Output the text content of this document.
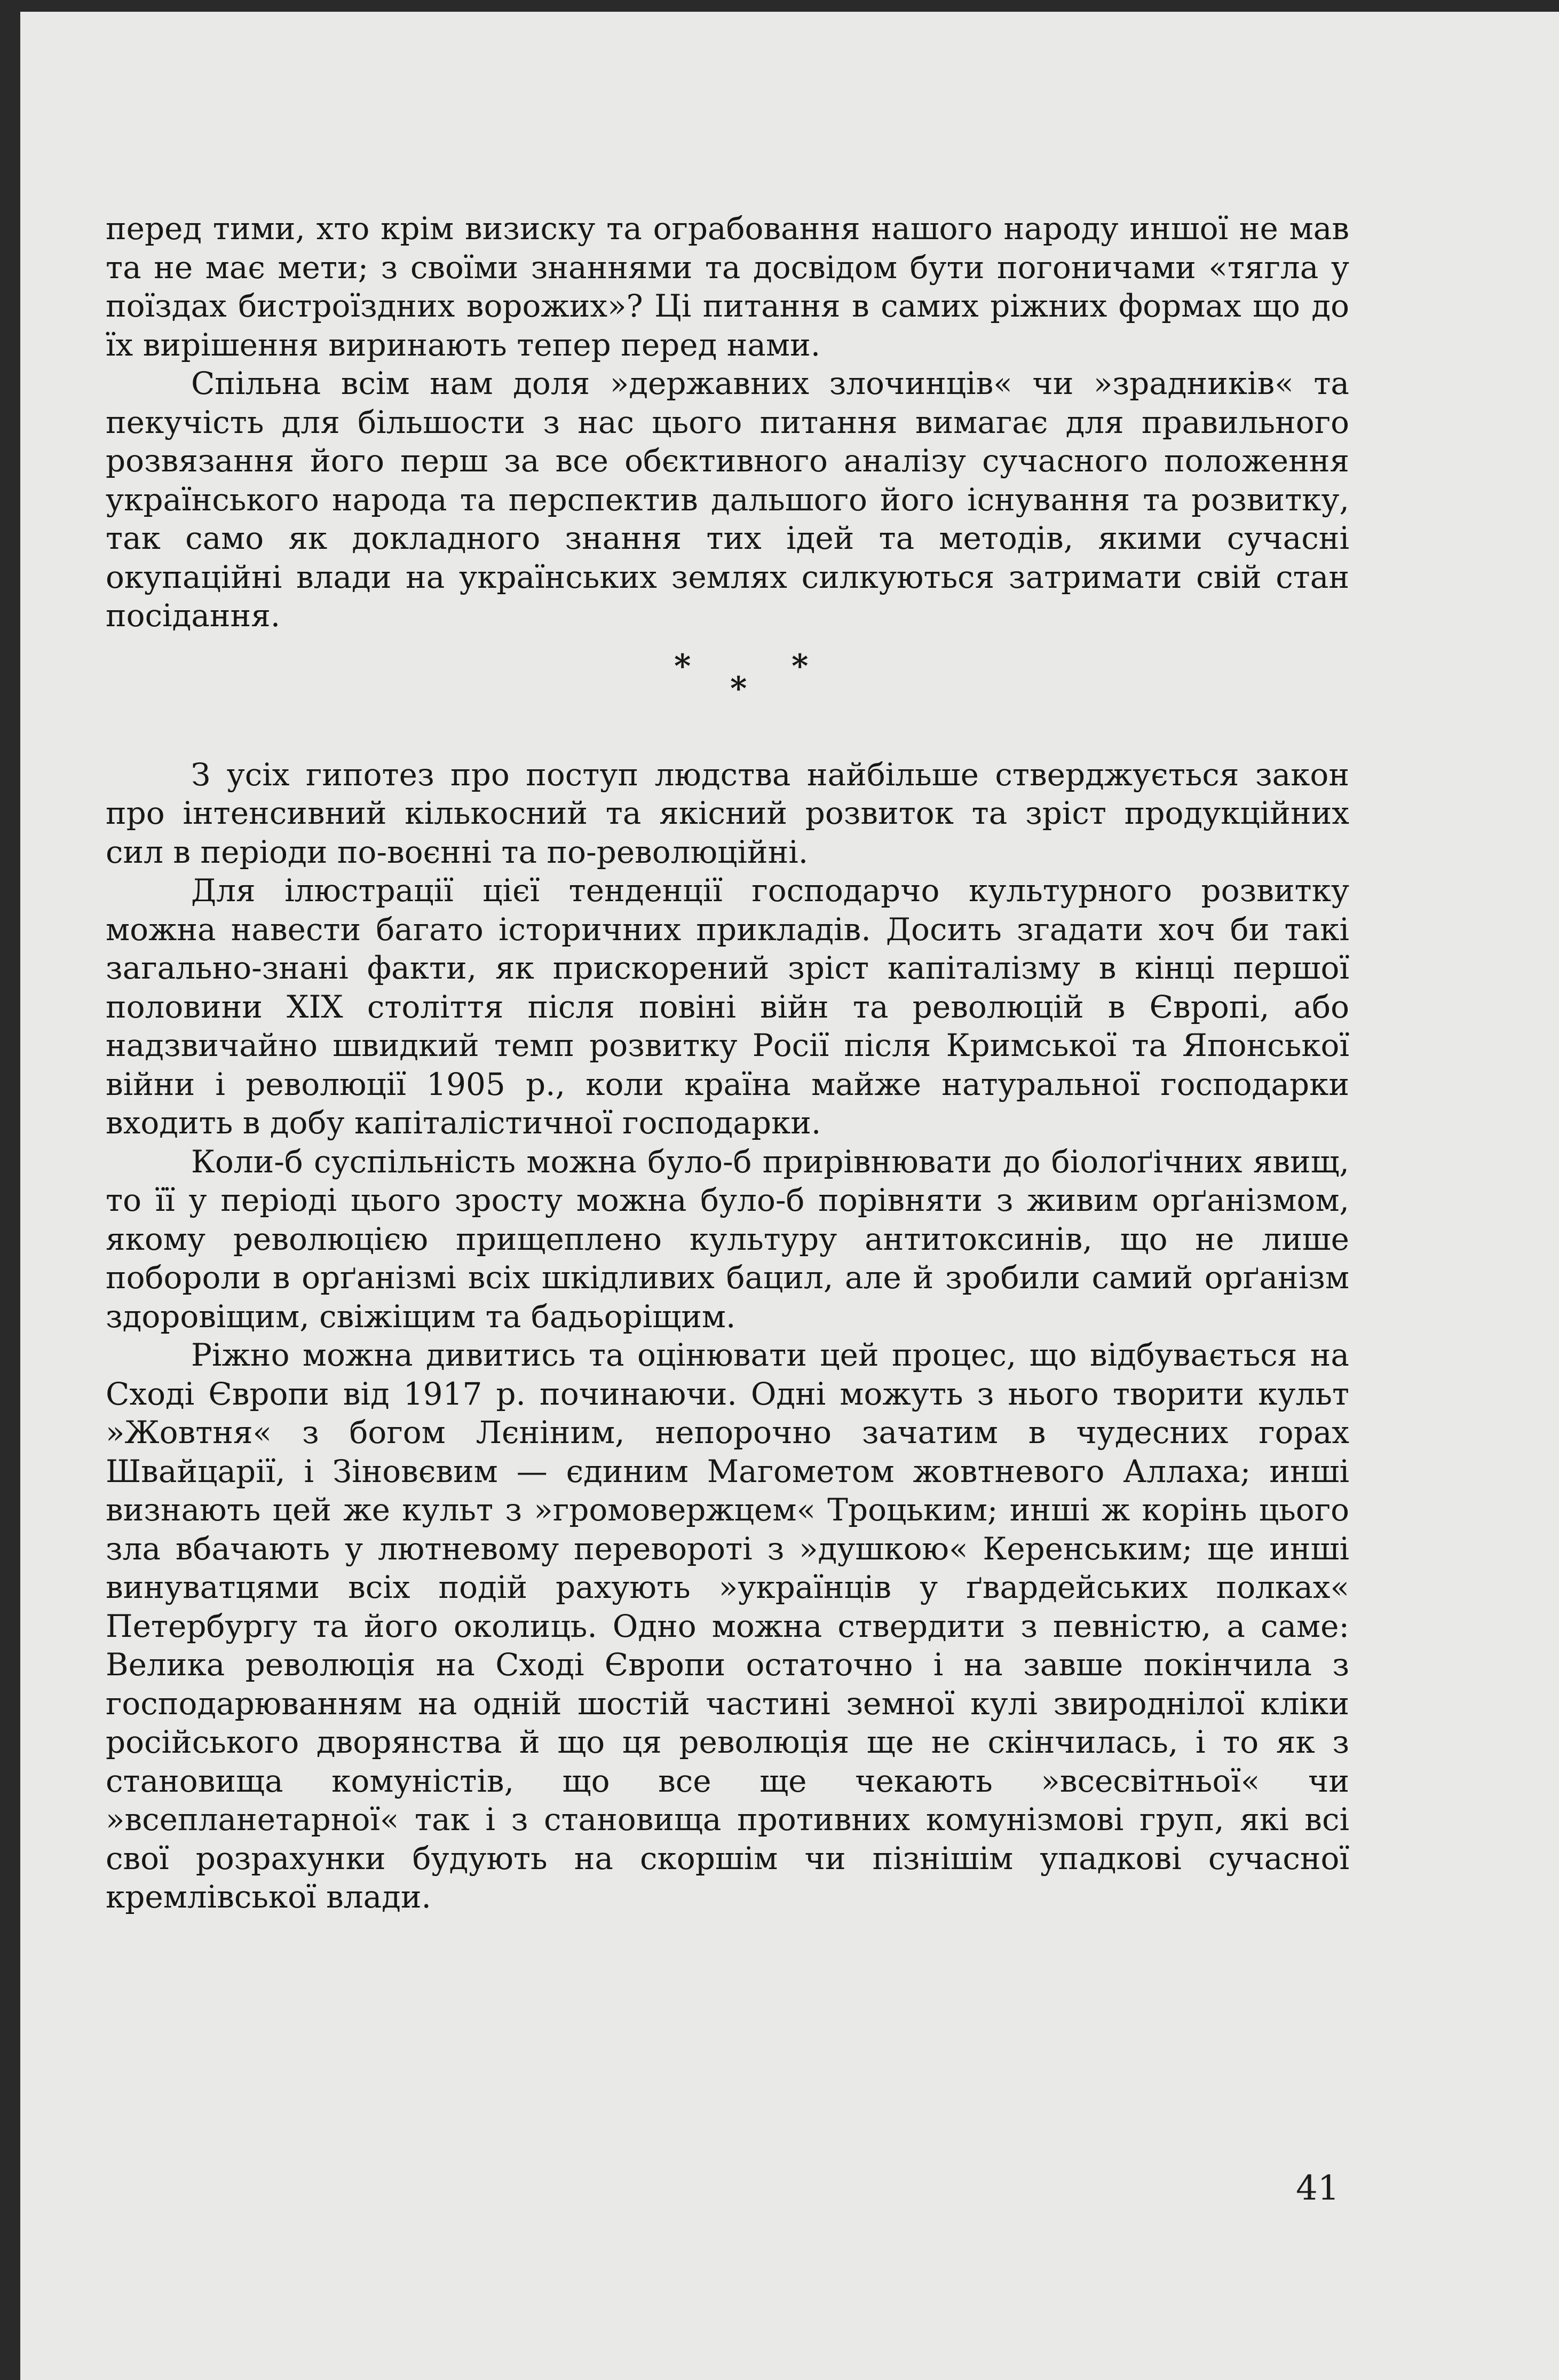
перед тими, хто крім визиску та ограбовання нашого народу иншої не мав та не має мети; з своїми знаннями та досвідом бути погоничами «тягла у поїздах бистроїздних ворожих»? Ці питання в самих ріжних формах що до їх вирішення виринають тепер перед нами.

Спільна всім нам доля »державних злочинців« чи »зрадників« та пекучість для більшости з нас цього питання вимагає для правильного розвязання його перш за все обєктивного аналізу сучасного положення українського народа та перспектив дальшого його існування та розвитку, так само як докладного знання тих ідей та методів, якими сучасні окупаційні влади на українських землях силкуються затримати свій стан посідання.

*
*
*

З усіх гипотез про поступ людства найбільше стверджується закон про інтенсивний кількосний та якісний розвиток та зріст продукційних сил в періоди по-воєнні та по-революційні.

Для ілюстрації цієї тенденції господарчо культурного розвитку можна навести багато історичних прикладів. Досить згадати хоч би такі загально-знані факти, як прискорений зріст капіталізму в кінці першої половини XIX століття після повіні війн та революцій в Європі, або надзвичайно швидкий темп розвитку Росії після Кримської та Японської війни і революції 1905 р., коли країна майже натуральної господарки входить в добу капіталістичної господарки.

Коли-б суспільність можна було-б прирівнювати до біолоґічних явищ, то її у періоді цього зросту можна було-б порівняти з живим орґанізмом, якому революцією прищеплено культуру антитоксинів, що не лише побороли в орґанізмі всіх шкідливих бацил, але й зробили самий орґанізм здоровіщим, свіжіщим та бадьоріщим.

Ріжно можна дивитись та оцінювати цей процес, що відбувається на Сході Європи від 1917 р. починаючи. Одні можуть з нього творити культ »Жовтня« з богом Лєніним, непорочно зачатим в чудесних горах Швайцарії, і Зіновєвим — єдиним Магометом жовтневого Аллаха; инші визнають цей же культ з »громовержцем« Троцьким; инші ж корінь цього зла вбачають у лютневому перевороті з »душкою« Керенським; ще инші винуватцями всіх подій рахують »українців у ґвардейських полках« Петербургу та його околиць. Одно можна ствердити з певністю, а саме: Велика революція на Сході Європи остаточно і на завше покінчила з господарюванням на одній шостій частині земної кулі звироднілої кліки російського дворянства й що ця революція ще не скінчилась, і то як з становища комуністів, що все ще чекають »всесвітньої« чи »всепланетарної« так і з становища противних комунізмові груп, які всі свої розрахунки будують на скоршім чи пізнішім упадкові сучасної кремлівської влади.

41
